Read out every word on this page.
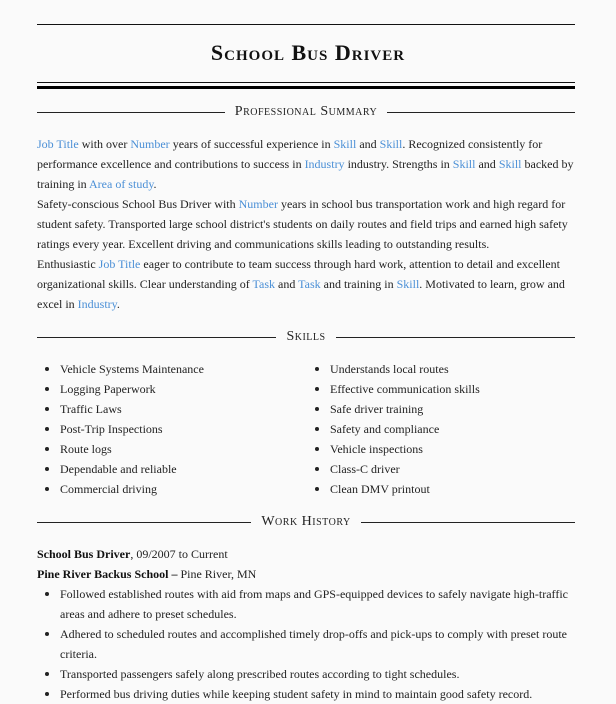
School Bus Driver
Professional Summary

Job Title with over Number years of successful experience in Skill and Skill. Recognized consistently for performance excellence and contributions to success in Industry industry. Strengths in Skill and Skill backed by training in Area of study.

Safety-conscious School Bus Driver with Number years in school bus transportation work and high regard for student safety. Transported large school district's students on daily routes and field trips and earned high safety ratings every year. Excellent driving and communications skills leading to outstanding results.

Enthusiastic Job Title eager to contribute to team success through hard work, attention to detail and excellent organizational skills. Clear understanding of Task and Task and training in Skill. Motivated to learn, grow and excel in Industry.

Skills
Vehicle Systems Maintenance
Logging Paperwork
Traffic Laws
Post-Trip Inspections
Route logs
Dependable and reliable
Commercial driving
Understands local routes
Effective communication skills
Safe driver training
Safety and compliance
Vehicle inspections
Class-C driver
Clean DMV printout
Work History
School Bus Driver, 09/2007 to Current
Pine River Backus School – Pine River, MN
Followed established routes with aid from maps and GPS-equipped devices to safely navigate high-traffic areas and adhere to preset schedules.
Adhered to scheduled routes and accomplished timely drop-offs and pick-ups to comply with preset route criteria.
Transported passengers safely along prescribed routes according to tight schedules.
Performed bus driving duties while keeping student safety in mind to maintain good safety record.
